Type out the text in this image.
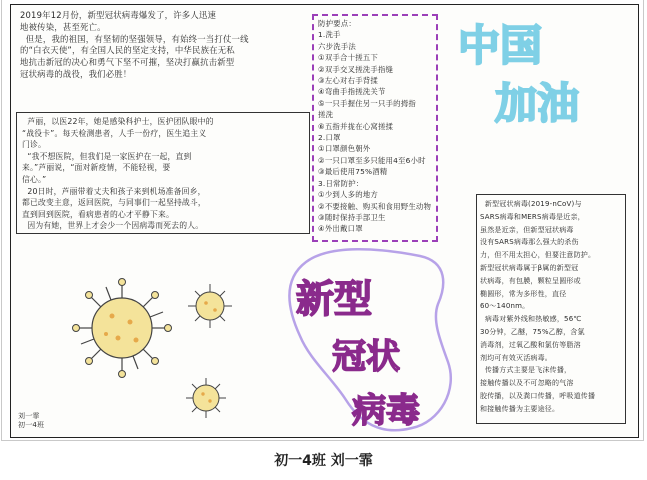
2019年12月份，新型冠状病毒爆发了，许多人迅速

地被传染，甚至死亡。

但是，我的祖国，有坚韧的坚强领导，有始终一当打仗一线

的“白衣天使”，有全国人民的坚定支持，中华民族在无私

地抗击新冠的决心和勇气下坚不可摧，坚决打赢抗击新型

冠状病毒的战役，我们必胜！

防护要点：

1.洗手

六步洗手法

①双手合十搓五下

②双手交叉搓洗手指缝

③左心对右手背揉

④弯曲手指搓洗关节

⑤一只手握住另一只手的拇指

搓洗

⑥五指并拢在心窝搓揉

2.口罩

①口罩颜色朝外

②一只口罩至多只能用4至6小时

③最后使用75%酒精

3.日常防护：

①少到人多的地方

②不要接触、购买和食用野生动物

③随时保持手部卫生

④外出戴口罩

中国
加油

芦丽，以医22年，她是感染科护士，医护团队眼中的

“战役卡”。每天检测患者，人手一份疗，医生追主义

门诊。

“我不想医院，但我们是一家医护在一起，直到

来。”芦丽说，“面对新疫情，不能轻视，要

信心。”

20日时，芦丽带着丈夫和孩子来到机场准备回乡，

都已改变主意，返回医院，与同事们一起坚持战斗，

直到回到医院，看病患者的心才平静下来。

因为有她，世界上才会少一个因病毒而死去的人。

刘一霏

初一4班

新型
冠状
病毒

新型冠状病毒(2019-nCoV)与

SARS病毒和MERS病毒是近亲，

虽然是近亲，但新型冠状病毒

没有SARS病毒那么强大的杀伤

力，但不用太担心，但要注意防护。

新型冠状病毒属于β属的新型冠

状病毒，有包膜，颗粒呈圆形或

椭圆形，常为多形性，直径

60～140nm。

病毒对紫外线和热敏感，56℃

30分钟，乙醚，75%乙醇，含氯

消毒剂，过氧乙酸和氯仿等脂溶

剂均可有效灭活病毒。

传播方式主要是飞沫传播，

接触传播以及不可忽略的气溶

胶传播，以及粪口传播，呼吸道传播

和接触传播为主要途径。

初一4班 刘一霏
